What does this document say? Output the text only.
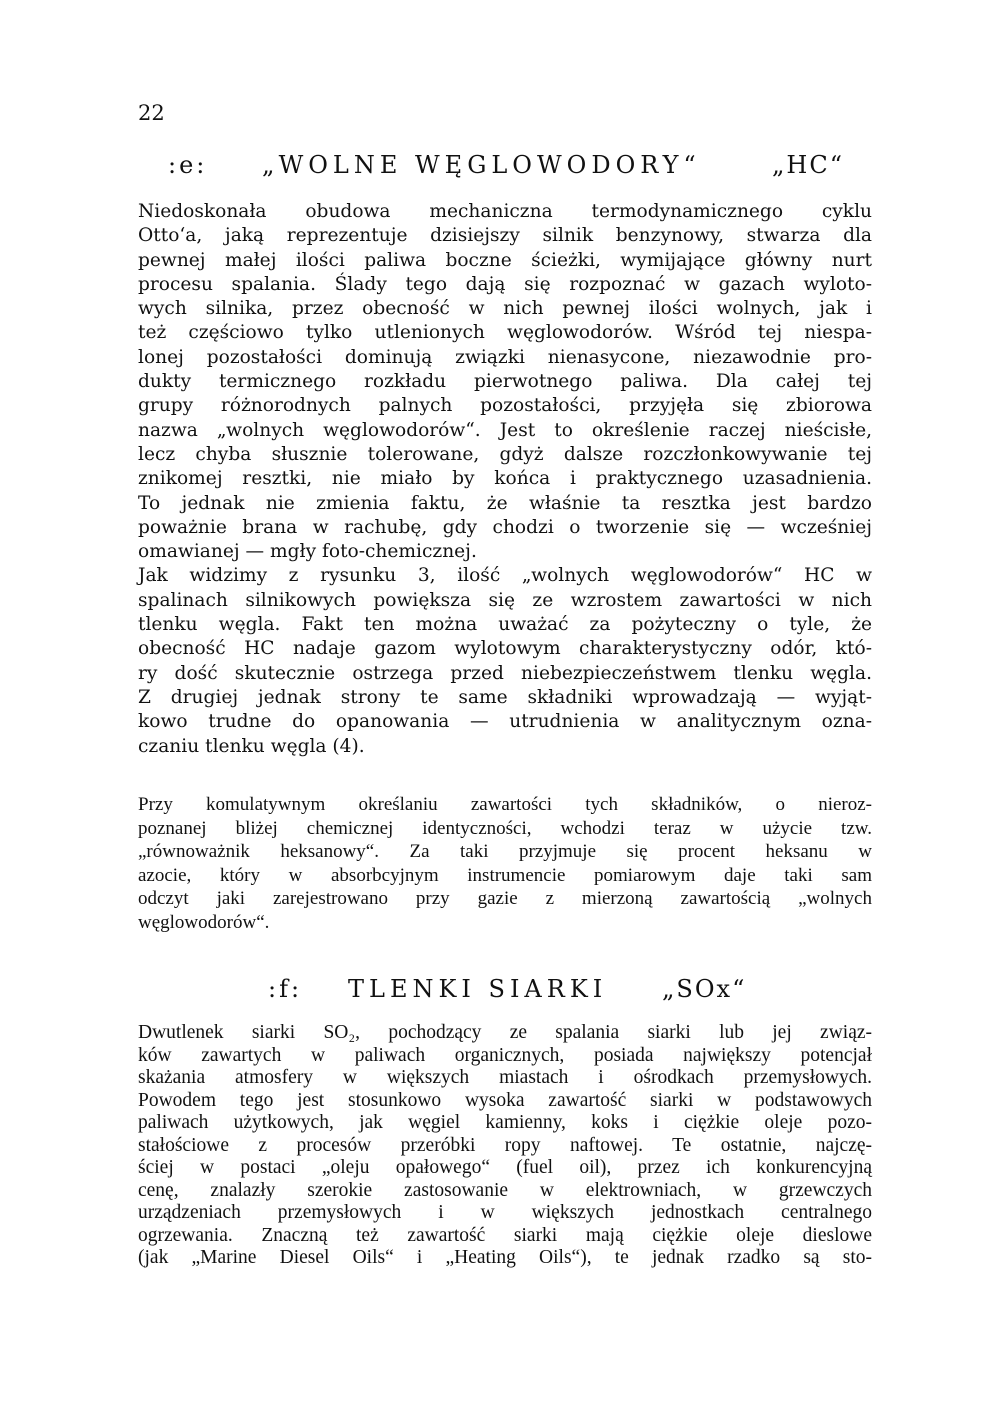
22
:e: „WOLNE WĘGLOWODORY“	„HC“
Niedoskonała obudowa mechaniczna termodynamicznego cyklu
Otto‘a, jaką reprezentuje dzisiejszy silnik benzynowy, stwarza dla
pewnej małej ilości paliwa boczne ścieżki, wymijające główny nurt
procesu spalania. Ślady tego dają się rozpoznać w gazach wyloto-
wych silnika, przez obecność w nich pewnej ilości wolnych, jak i
też częściowo tylko utlenionych węglowodorów. Wśród tej niespa-
lonej pozostałości dominują związki nienasycone, niezawodnie pro-
dukty termicznego rozkładu pierwotnego paliwa. Dla całej tej
grupy różnorodnych palnych pozostałości, przyjęła się zbiorowa
nazwa „wolnych węglowodorów“. Jest to określenie raczej nieścisłe,
lecz chyba słusznie tolerowane, gdyż dalsze rozczłonkowywanie tej
znikomej resztki, nie miało by końca i praktycznego uzasadnienia.
To jednak nie zmienia faktu, że właśnie ta resztka jest bardzo
poważnie brana w rachubę, gdy chodzi o tworzenie się — wcześniej
omawianej — mgły foto-chemicznej.
Jak widzimy z rysunku 3, ilość „wolnych węglowodorów“ HC w
spalinach silnikowych powiększa się ze wzrostem zawartości w nich
tlenku węgla. Fakt ten można uważać za pożyteczny o tyle, że
obecność HC nadaje gazom wylotowym charakterystyczny odór, któ-
ry dość skutecznie ostrzega przed niebezpieczeństwem tlenku węgla.
Z drugiej jednak strony te same składniki wprowadzają — wyjąt-
kowo trudne do opanowania — utrudnienia w analitycznym ozna-
czaniu tlenku węgla (4).
Przy komulatywnym określaniu zawartości tych składników, o nieroz-
poznanej bliżej chemicznej identyczności, wchodzi teraz w użycie tzw.
„równoważnik heksanowy“. Za taki przyjmuje się procent heksanu w
azocie, który w absorbcyjnym instrumencie pomiarowym daje taki sam
odczyt jaki zarejestrowano przy gazie z mierzoną zawartością „wolnych
węglowodorów“.
:f: TLENKI SIARKI „SOx“
Dwutlenek siarki SO₂, pochodzący ze spalania siarki lub jej związ-
ków zawartych w paliwach organicznych, posiada największy potencjał
skażania atmosfery w większych miastach i ośrodkach przemysłowych.
Powodem tego jest stosunkowo wysoka zawartość siarki w podstawowych
paliwach użytkowych, jak węgiel kamienny, koks i ciężkie oleje pozo-
stałościowe z procesów przeróbki ropy naftowej. Te ostatnie, najczę-
ściej w postaci „oleju opałowego“ (fuel oil), przez ich konkurencyjną
cenę, znalazły szerokie zastosowanie w elektrowniach, w grzewczych
urządzeniach przemysłowych i w większych jednostkach centralnego
ogrzewania. Znaczną też zawartość siarki mają ciężkie oleje dieslowe
(jak „Marine Diesel Oils“ i „Heating Oils“), te jednak rzadko są sto-
